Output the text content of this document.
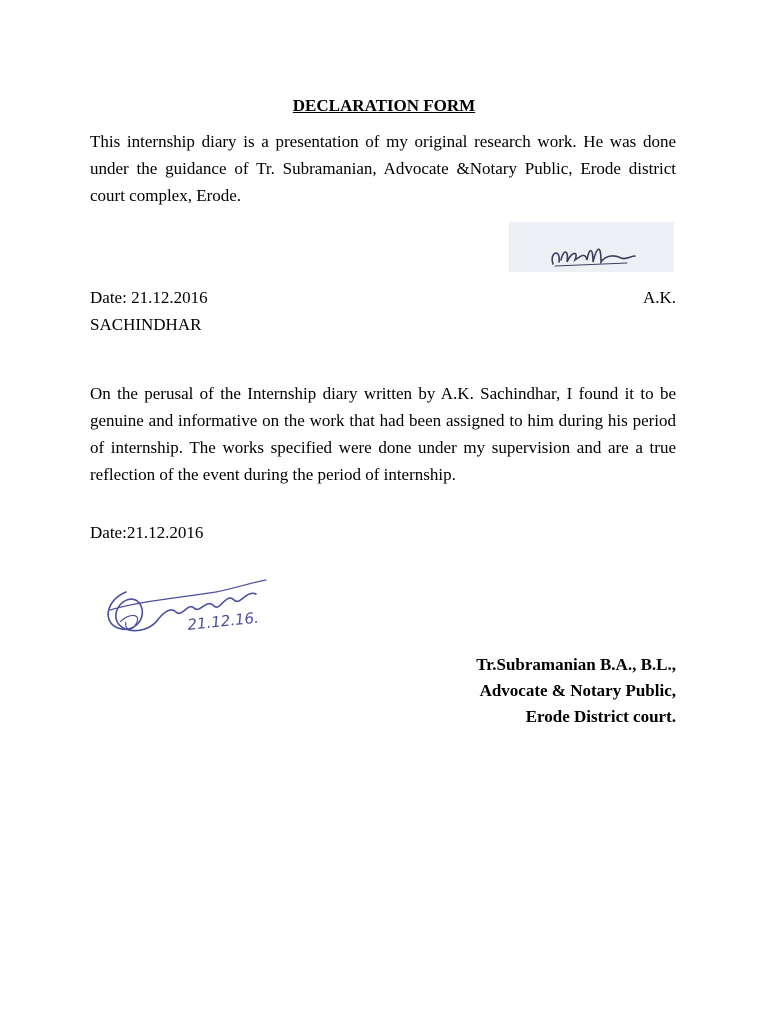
DECLARATION FORM

This internship diary is a presentation of my original research work. He was done under the guidance of Tr. Subramanian, Advocate &Notary Public, Erode district court complex, Erode.

Date: 21.12.2016	A.K.
SACHINDHAR

On the perusal of the Internship diary written by A.K. Sachindhar, I found it to be genuine and informative on the work that had been assigned to him during his period of internship. The works specified were done under my supervision and are a true reflection of the event during the period of internship.

Date:21.12.2016
21.12.16.
Tr.Subramanian B.A., B.L.,
Advocate & Notary Public,
Erode District court.
